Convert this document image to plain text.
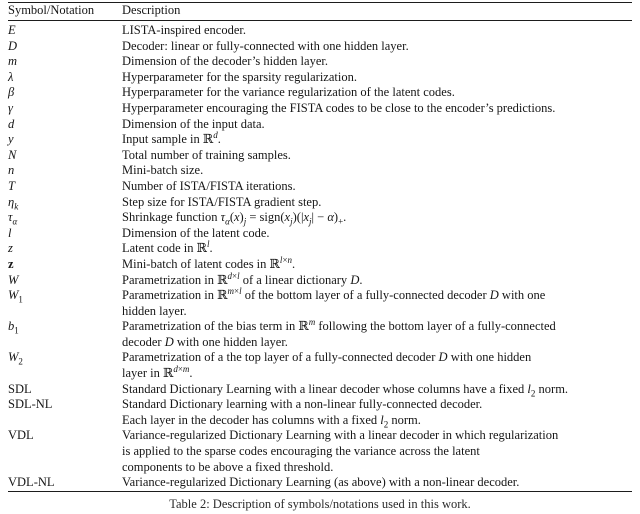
Symbol/Notation	Description
E	LISTA-inspired encoder.
D	Decoder: linear or fully-connected with one hidden layer.
m	Dimension of the decoder’s hidden layer.
λ	Hyperparameter for the sparsity regularization.
β	Hyperparameter for the variance regularization of the latent codes.
γ	Hyperparameter encouraging the FISTA codes to be close to the encoder’s predictions.
d	Dimension of the input data.
y	Input sample in ℝ$^d$.
N	Total number of training samples.
n	Mini-batch size.
T	Number of ISTA/FISTA iterations.
$\eta_k$	Step size for ISTA/FISTA gradient step.
$\tau_\alpha$	Shrinkage function $\tau_\alpha(x)_j$ = $sign(x_j)(|x_j| - \alpha)_+$.
l	Dimension of the latent code.
z	Latent code in ℝ$^l$.
z	Mini-batch of latent codes in ℝ$^{l\times n}$.
W	Parametrization in ℝ$^{d\times l}$ of a linear dictionary D.
$W_1$	Parametrization in ℝ$^{m\times l}$ of the bottom layer of a fully-connected decoder D with one
hidden layer.
$b_1$	Parametrization of the bias term in ℝ$^m$ following the bottom layer of a fully-connected
decoder D with one hidden layer.
$W_2$	Parametrization of a the top layer of a fully-connected decoder D with one hidden
layer in ℝ$^{d\times m}$.
SDL	Standard Dictionary Learning with a linear decoder whose columns have a fixed $l_2$ norm.
SDL-NL	Standard Dictionary learning with a non-linear fully-connected decoder.
Each layer in the decoder has columns with a fixed $l_2$ norm.
VDL	Variance-regularized Dictionary Learning with a linear decoder in which regularization
is applied to the sparse codes encouraging the variance across the latent
components to be above a fixed threshold.
VDL-NL	Variance-regularized Dictionary Learning (as above) with a non-linear decoder.
Table 2: Description of symbols/notations used in this work.
